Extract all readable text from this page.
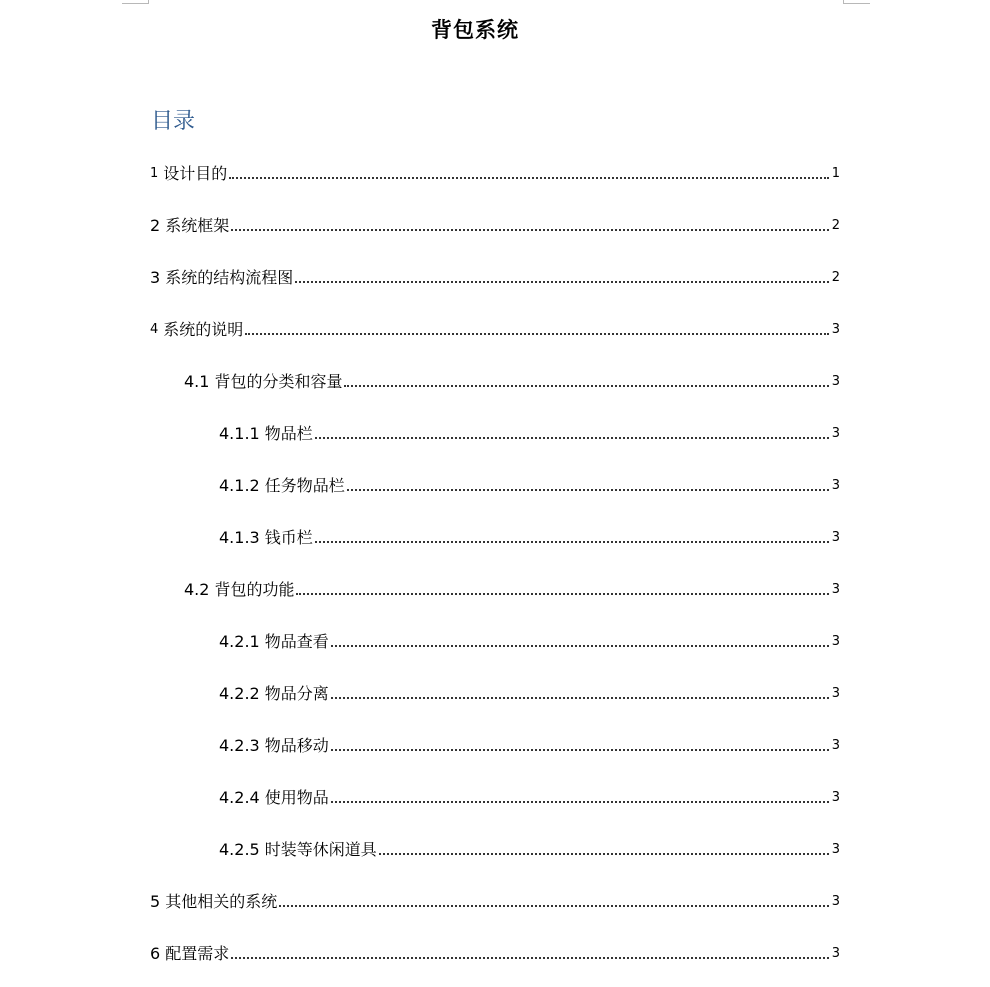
背包系统
目录
1 设计目的	1
2 系统框架	2
3 系统的结构流程图	2
4 系统的说明	3
4.1 背包的分类和容量	3
4.1.1 物品栏	3
4.1.2 任务物品栏	3
4.1.3 钱币栏	3
4.2 背包的功能	3
4.2.1 物品查看	3
4.2.2 物品分离	3
4.2.3 物品移动	3
4.2.4 使用物品	3
4.2.5 时装等休闲道具	3
5 其他相关的系统	3
6 配置需求	3
